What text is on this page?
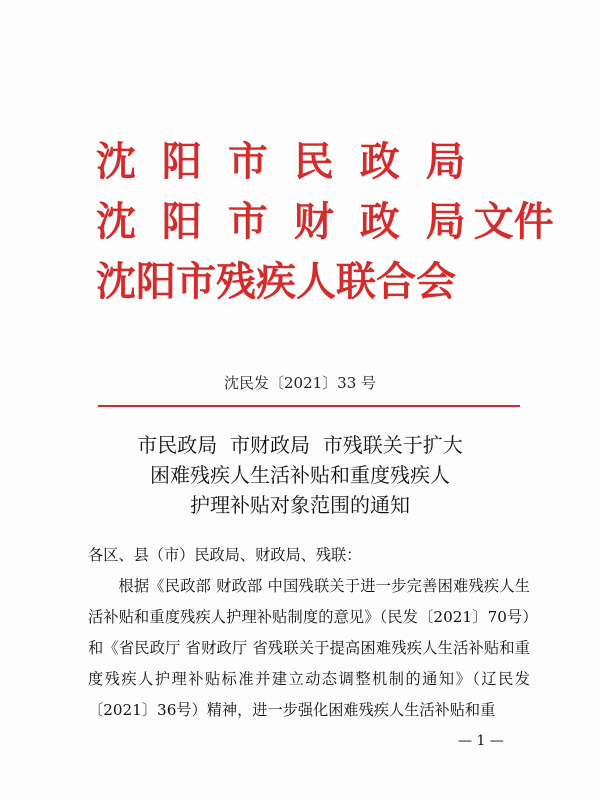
沈 阳 市 民 政 局
沈 阳 市 财 政 局 文件
沈阳市残疾人联合会
沈民发〔2021〕33 号
市民政局  市财政局  市残联关于扩大
困难残疾人生活补贴和重度残疾人
护理补贴对象范围的通知

各区、县（市）民政局、财政局、残联：

根据《民政部 财政部 中国残联关于进一步完善困难残疾人生活补贴和重度残疾人护理补贴制度的意见》（民发〔2021〕70号）和《省民政厅 省财政厅 省残联关于提高困难残疾人生活补贴和重度残疾人护理补贴标准并建立动态调整机制的通知》（辽民发〔2021〕36号）精神，进一步强化困难残疾人生活补贴和重

— 1 —
